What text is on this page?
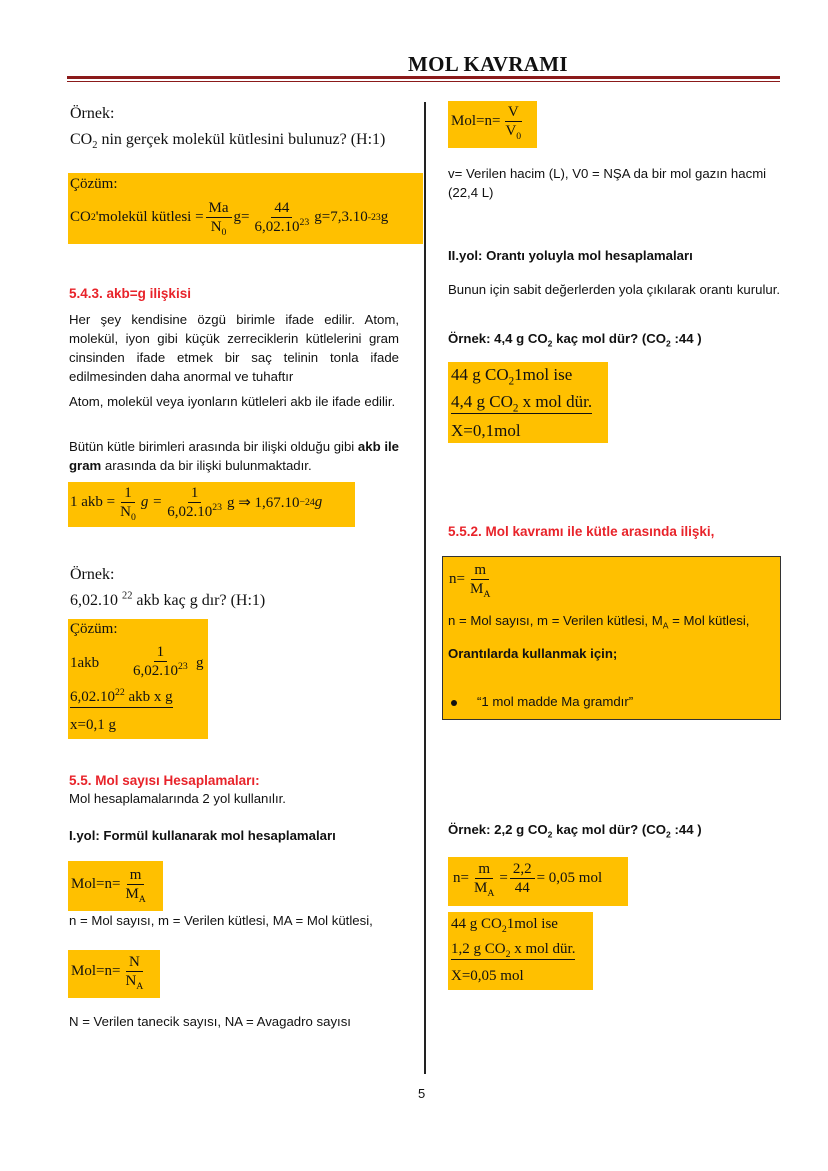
MOL KAVRAMI
Örnek:
$CO_2$ nin gerçek molekül kütlesini bulunuz? (H:1)
Çözüm:
CO 2 'molekül kütlesi = $\frac{Ma}{N_0} g= \frac{44}{6,02.10^{23}} g=7,3.10$ -23 g
5.4.3. akb=g ilişkisi
Her şey kendisine özgü birimle ifade edilir. Atom, molekül, iyon gibi küçük zerreciklerin kütlelerini gram cinsinden ifade etmek bir saç telinin tonla ifade edilmesinden daha anormal ve tuhaftır
Atom, molekül veya iyonların kütleleri akb ile ifade edilir.
Bütün kütle birimleri arasında bir ilişki olduğu gibi akb ile gram arasında da bir ilişki bulunmaktadır.
1 akb = $\frac{1}{N_0}$ $g = \frac{1}{6,02.10^{23}}$ g ⇒ 1,67.10 −24 g
Örnek:
6,02.10 $^{22}$ akb kaç g dır? (H:1)
Çözüm:
$1akb \frac{1}{6,02.10^{23}}$ g
6,02.10$^{22}$ akb x g
x=0,1 g
5.5. Mol sayısı Hesaplamaları:
Mol hesaplamalarında 2 yol kullanılır.
I.yol: Formül kullanarak mol hesaplamaları
$Mol=n= \frac{m}{M_A}$
n = Mol sayısı, m = Verilen kütlesi, MA = Mol kütlesi,
$Mol=n= \frac{N}{N_A}$
N = Verilen tanecik sayısı, NA = Avagadro sayısı
$Mol=n= \frac{V}{V_0}$
v= Verilen hacim (L), V0 = NŞA da bir mol gazın hacmi (22,4 L)
II.yol: Orantı yoluyla mol hesaplamaları
Bunun için sabit değerlerden yola çıkılarak orantı kurulur.
Örnek: 4,4 g $CO_2$ kaç mol dür? ($CO_2$ :44 )
44 g $CO_21mol$ ise
4,4 g $CO_2$ x mol dür.
X=0,1mol
5.5.2. Mol kavramı ile kütle arasında ilişki,
$n= \frac{m}{M_A}$
n = Mol sayısı, m = Verilen kütlesi, $M_A$ = Mol kütlesi,
Orantılarda kullanmak için;
“1 mol madde Ma gramdır”
Örnek: 2,2 g $CO_2$ kaç mol dür? ($CO_2$ :44 )
$n= \frac{m}{M_A} = \frac{2,2}{44} = 0,05$ mol
44 g $CO_21mol$ ise
1,2 g $CO_2$ x mol dür.
X=0,05 mol
5
